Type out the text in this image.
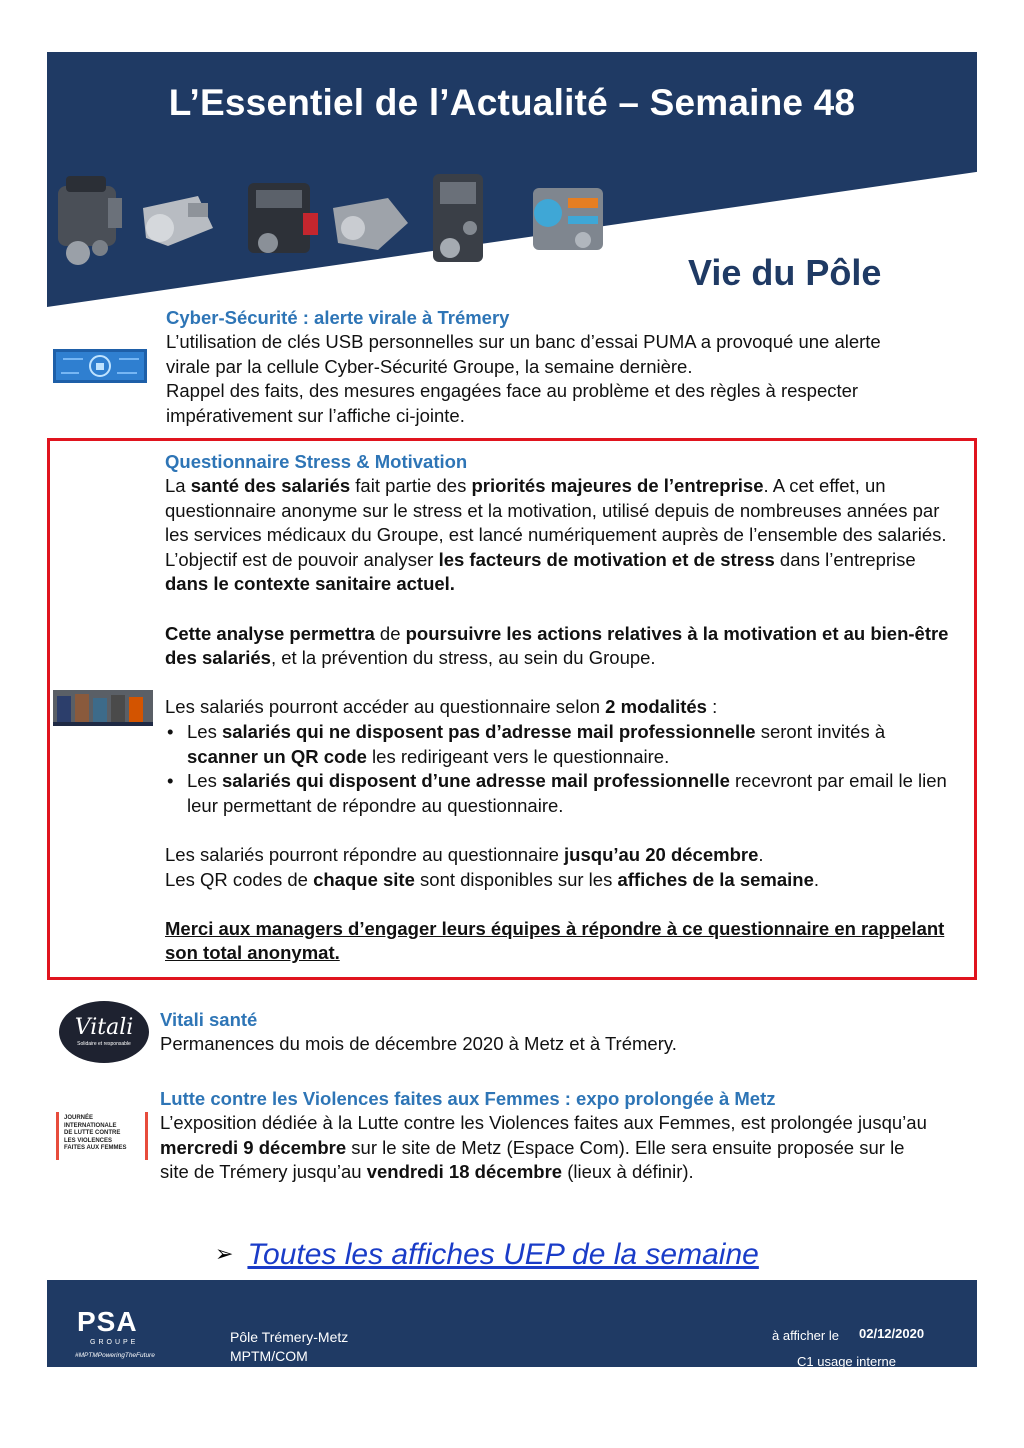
L’Essentiel de l’Actualité – Semaine 48
Vie du Pôle
Cyber-Sécurité : alerte virale à Trémery

L’utilisation de clés USB personnelles sur un banc d’essai PUMA a provoqué une alerte

virale par la cellule Cyber-Sécurité Groupe, la semaine dernière.

Rappel des faits, des mesures engagées face au problème et des règles à respecter

impérativement sur l’affiche ci-jointe.

Questionnaire Stress & Motivation

La santé des salariés fait partie des priorités majeures de l’entreprise. A cet effet, un questionnaire anonyme sur le stress et la motivation, utilisé depuis de nombreuses années par les services médicaux du Groupe, est lancé numériquement auprès de l’ensemble des salariés. L’objectif est de pouvoir analyser les facteurs de motivation et de stress dans l’entreprise dans le contexte sanitaire actuel.

Cette analyse permettra de poursuivre les actions relatives à la motivation et au bien-être des salariés, et la prévention du stress, au sein du Groupe.

Les salariés pourront accéder au questionnaire selon 2 modalités :

• Les salariés qui ne disposent pas d’adresse mail professionnelle seront invités à scanner un QR code les redirigeant vers le questionnaire.
• Les salariés qui disposent d’une adresse mail professionnelle recevront par email le lien leur permettant de répondre au questionnaire.

Les salariés pourront répondre au questionnaire jusqu’au 20 décembre.
Les QR codes de chaque site sont disponibles sur les affiches de la semaine.

Merci aux managers d’engager leurs équipes à répondre à ce questionnaire en rappelant son total anonymat.

Vitali
Solidaire et responsable
Vitali santé

Permanences du mois de décembre 2020 à Metz et à Trémery.

JOURNÉE INTERNATIONALE
DE LUTTE CONTRE
LES VIOLENCES
FAITES AUX FEMMES
Lutte contre les Violences faites aux Femmes : expo prolongée à Metz

L’exposition dédiée à la Lutte contre les Violences faites aux Femmes, est prolongée jusqu’au mercredi 9 décembre sur le site de Metz (Espace Com). Elle sera ensuite proposée sur le site de Trémery jusqu’au vendredi 18 décembre (lieux à définir).

➢ Toutes les affiches UEP de la semaine
PSA
GROUPE
#MPTMPoweringTheFuture
Pôle Trémery-Metz
MPTM/COM
à afficher le 02/12/2020
C1 usage interne
